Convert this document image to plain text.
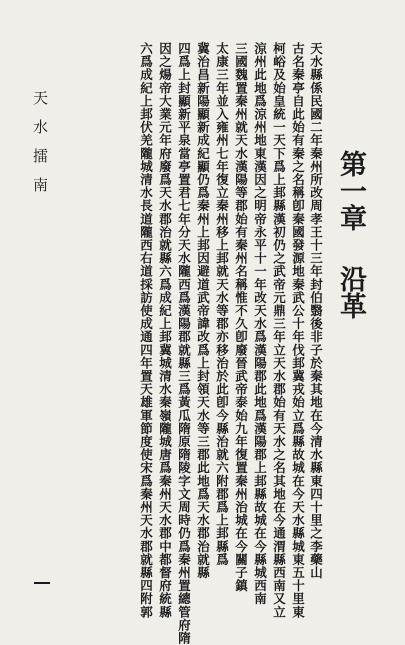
天水縣係民國二年秦州所改周孝王十三年封伯翳後非子於秦其地在今清水縣東四十里之李藥山
古名秦亭自此始有秦之名稱卽秦國發源地秦武公十年伐邽冀戎始立爲縣故城在今天水縣城東五十里東
柯峪及始皇統一天下爲上邽縣漢初仍之武帝元鼎三年立天水郡始有天水之名其地在今通渭縣西南又立
涼州此地爲涼州地東漢因之明帝永平十一年改天水爲漢陽郡此地爲漢陽郡上邽縣故城在今縣城西南
三國魏置秦州就天水漢陽等郡始有秦州名稱惟不久卽廢晉武帝泰始九年復置秦州治城在今關子鎮
太康三年並入雍州七年復立秦州移上邽就天水等郡亦移治於此卽今縣治就六附郡爲上邽縣爲
冀治昌新陽顯新成紀顯仍爲秦州上邽因避道武帝諱改爲上封領天水等三郡此地爲天水郡治就縣
四爲上封顯新平泉當亭置君七年分天水隴西爲漢陽郡就縣三爲黃瓜隋原隋陵字文周時仍爲秦州置總管府隋
因之煬帝大業元年府廢爲天水郡治就縣六爲成紀上邽冀城清水秦嶺隴城唐爲秦州天水郡中都督府統縣
六爲成紀上邽伏羌隴城清水長道隴西右道採訪使成通四年置天雄軍節度使宋爲秦州天水郡就縣四附郭	第一章沿革
天水擂南
